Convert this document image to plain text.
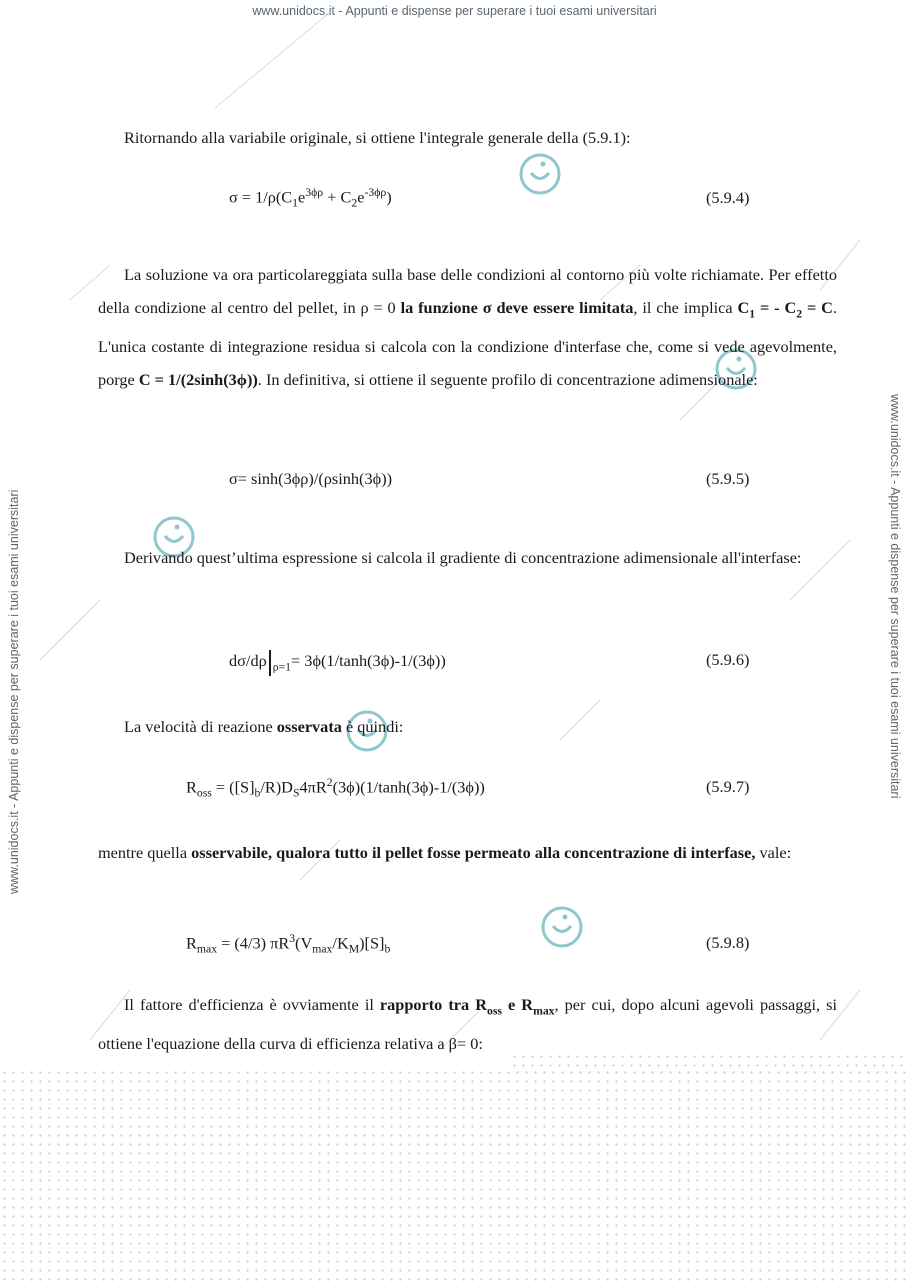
www.unidocs.it - Appunti e dispense per superare i tuoi esami universitari
www.unidocs.it - Appunti e dispense per superare i tuoi esami universitari	www.unidocs.it - Appunti e dispense per superare i tuoi esami universitari

Ritornando alla variabile originale, si ottiene l'integrale generale della (5.9.1):

$\sigma = 1/\rho(C_1e^{3\phi\rho} + C_2e^{-3\phi\rho})$	(5.9.4)

La soluzione va ora particolareggiata sulla base delle condizioni al contorno più volte richiamate. Per effetto della condizione al centro del pellet, in ρ = 0 la funzione σ deve essere limitata, il che implica $C_1$ = - $C_2 = C$. L'unica costante di integrazione residua si calcola con la condizione d'interfase che, come si vede agevolmente, porge C = 1/(2sinh(3ϕ)). In definitiva, si ottiene il seguente profilo di concentrazione adimensionale:

σ= sinh(3ϕρ)/(ρsinh(3ϕ))	(5.9.5)

Derivando quest’ultima espressione si calcola il gradiente di concentrazione adimensionale all'interfase:

dσ/dρ $_{\rho=1}$= 3ϕ(1/tanh(3ϕ)-1/(3ϕ))	(5.9.6)

La velocità di reazione osservata è quindi:

$R_{oss} = ([S]_b/R)D_S4\pi R^2(3\phi)(1/\tanh(3\phi)-1/(3\phi))$	(5.9.7)

mentre quella osservabile, qualora tutto il pellet fosse permeato alla concentrazione di interfase, vale:

$R_{max} = (4/3)$ $\pi R^3(V_{max}/K_M)[S]_b$	(5.9.8)

Il fattore d'efficienza è ovviamente il rapporto tra $R_{oss}$ e $R_{max}$, per cui, dopo alcuni agevoli passaggi, si ottiene l'equazione della curva di efficienza relativa a β= 0:
